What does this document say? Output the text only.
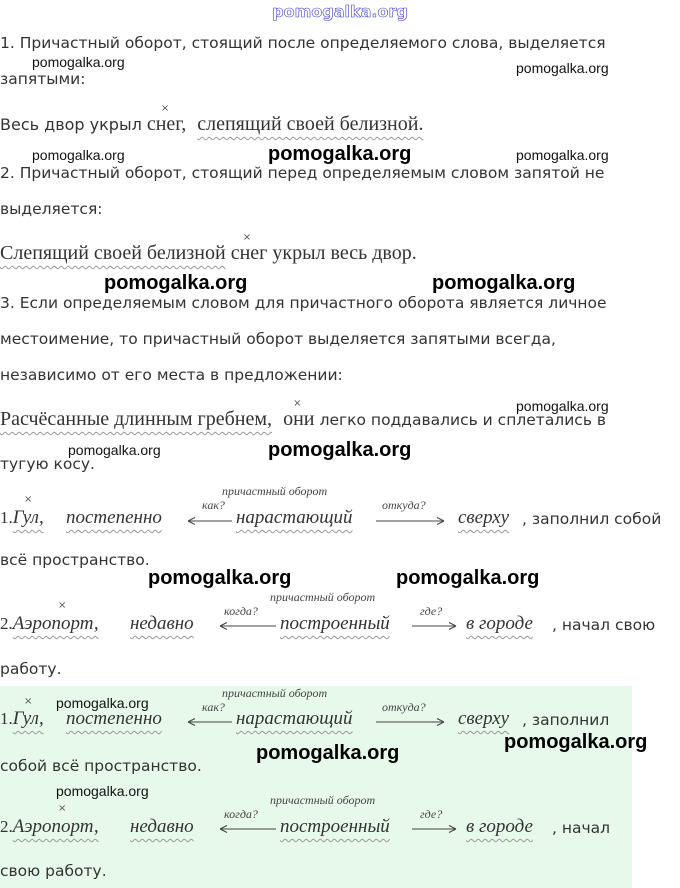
pomogalka.org
1. Причастный оборот, стоящий после определяемого слова, выделяется
pomogalka.org	pomogalka.org
запятыми:
Весь двор укрыл
×
снег, слепящий своей белизной.
pomogalka.org	pomogalka.org	pomogalka.org
2. Причастный оборот, стоящий перед определяемым словом запятой не
выделяется:
Слепящий своей белизной
×
снег укрыл весь двор.
pomogalka.org	pomogalka.org
3. Если определяемым словом для причастного оборота является личное
местоимение, то причастный оборот выделяется запятыми всегда,
независимо от его места в предложении:
pomogalka.org
Расчёсанные длинным гребнем,
×
они легко поддавались и сплетались в
pomogalka.org	pomogalka.org
тугую косу.
причастный оборот
×	как?	откуда?
1.Гул, постепенно	нарастающий	сверху , заполнил собой
всё пространство.
pomogalka.org	pomogalka.org
причастный оборот
×	когда?	где?
2.Аэропорт, недавно	построенный	в городе , начал свою
работу.
причастный оборот
pomogalka.org
×	как?	откуда?
1.Гул, постепенно	нарастающий	сверху , заполнил
pomogalka.org	pomogalka.org
собой всё пространство.
pomogalka.org
причастный оборот
×	когда?	где?
2.Аэропорт, недавно	построенный	в городе , начал
свою работу.
